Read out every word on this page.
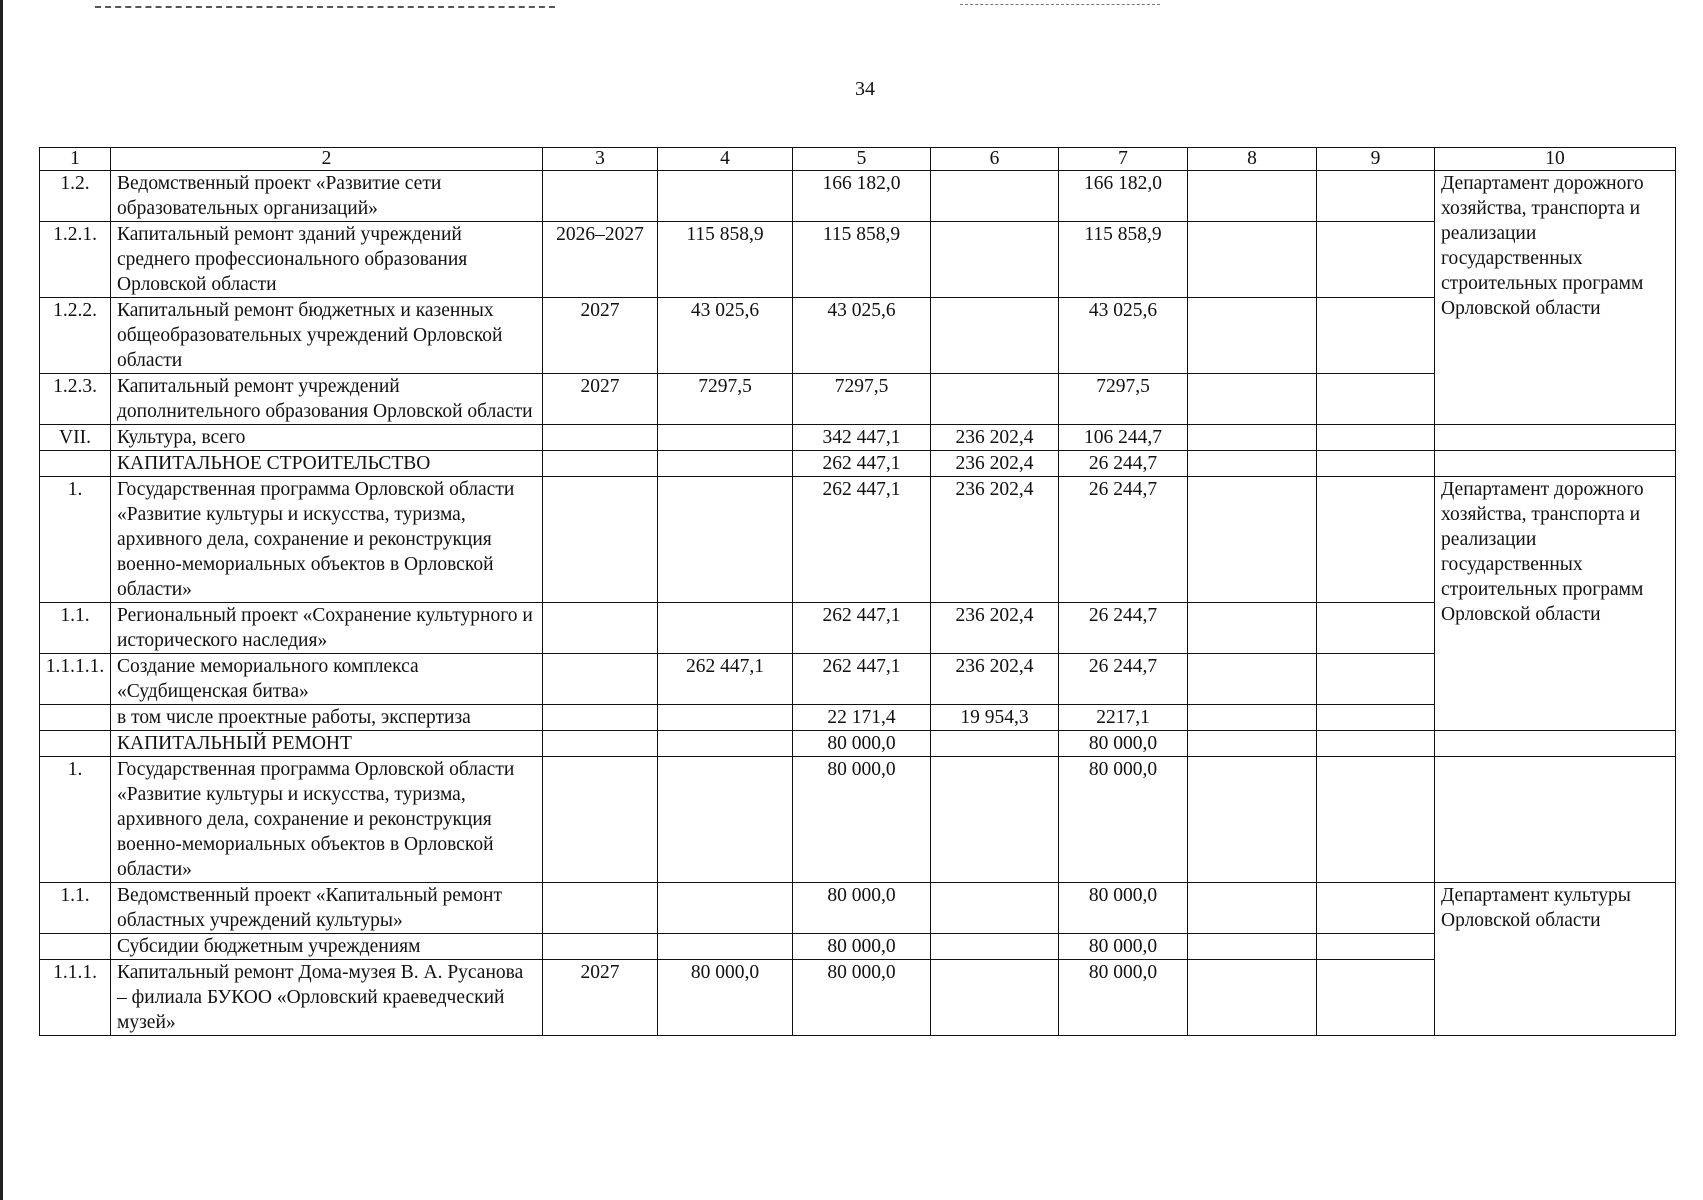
34
1	2	3	4	5	6	7	8	9	10
1.2.	Ведомственный проект «Развитие сети образовательных организаций»			166 182,0		166 182,0			Департамент дорожного хозяйства, транспорта и реализации государственных строительных программ Орловской области
1.2.1.	Капитальный ремонт зданий учреждений среднего профессионального образования Орловской области	2026–2027	115 858,9	115 858,9		115 858,9			
1.2.2.	Капитальный ремонт бюджетных и казенных общеобразовательных учреждений Орловской области	2027	43 025,6	43 025,6		43 025,6			
1.2.3.	Капитальный ремонт учреждений дополнительного образования Орловской области	2027	7297,5	7297,5		7297,5			
VII.	Культура, всего			342 447,1	236 202,4	106 244,7			
	КАПИТАЛЬНОЕ СТРОИТЕЛЬСТВО			262 447,1	236 202,4	26 244,7			
1.	Государственная программа Орловской области «Развитие культуры и искусства, туризма, архивного дела, сохранение и реконструкция военно-мемориальных объектов в Орловской области»			262 447,1	236 202,4	26 244,7			Департамент дорожного хозяйства, транспорта и реализации государственных строительных программ Орловской области
1.1.	Региональный проект «Сохранение культурного и исторического наследия»			262 447,1	236 202,4	26 244,7			
1.1.1.1.	Создание мемориального комплекса «Судбищенская битва»		262 447,1	262 447,1	236 202,4	26 244,7			
	в том числе проектные работы, экспертиза			22 171,4	19 954,3	2217,1			
	КАПИТАЛЬНЫЙ РЕМОНТ			80 000,0		80 000,0			
1.	Государственная программа Орловской области «Развитие культуры и искусства, туризма, архивного дела, сохранение и реконструкция военно-мемориальных объектов в Орловской области»			80 000,0		80 000,0			
1.1.	Ведомственный проект «Капитальный ремонт областных учреждений культуры»			80 000,0		80 000,0			Департамент культуры Орловской области
	Субсидии бюджетным учреждениям			80 000,0		80 000,0			
1.1.1.	Капитальный ремонт Дома-музея В. А. Русанова – филиала БУКОО «Орловский краеведческий музей»	2027	80 000,0	80 000,0		80 000,0			
